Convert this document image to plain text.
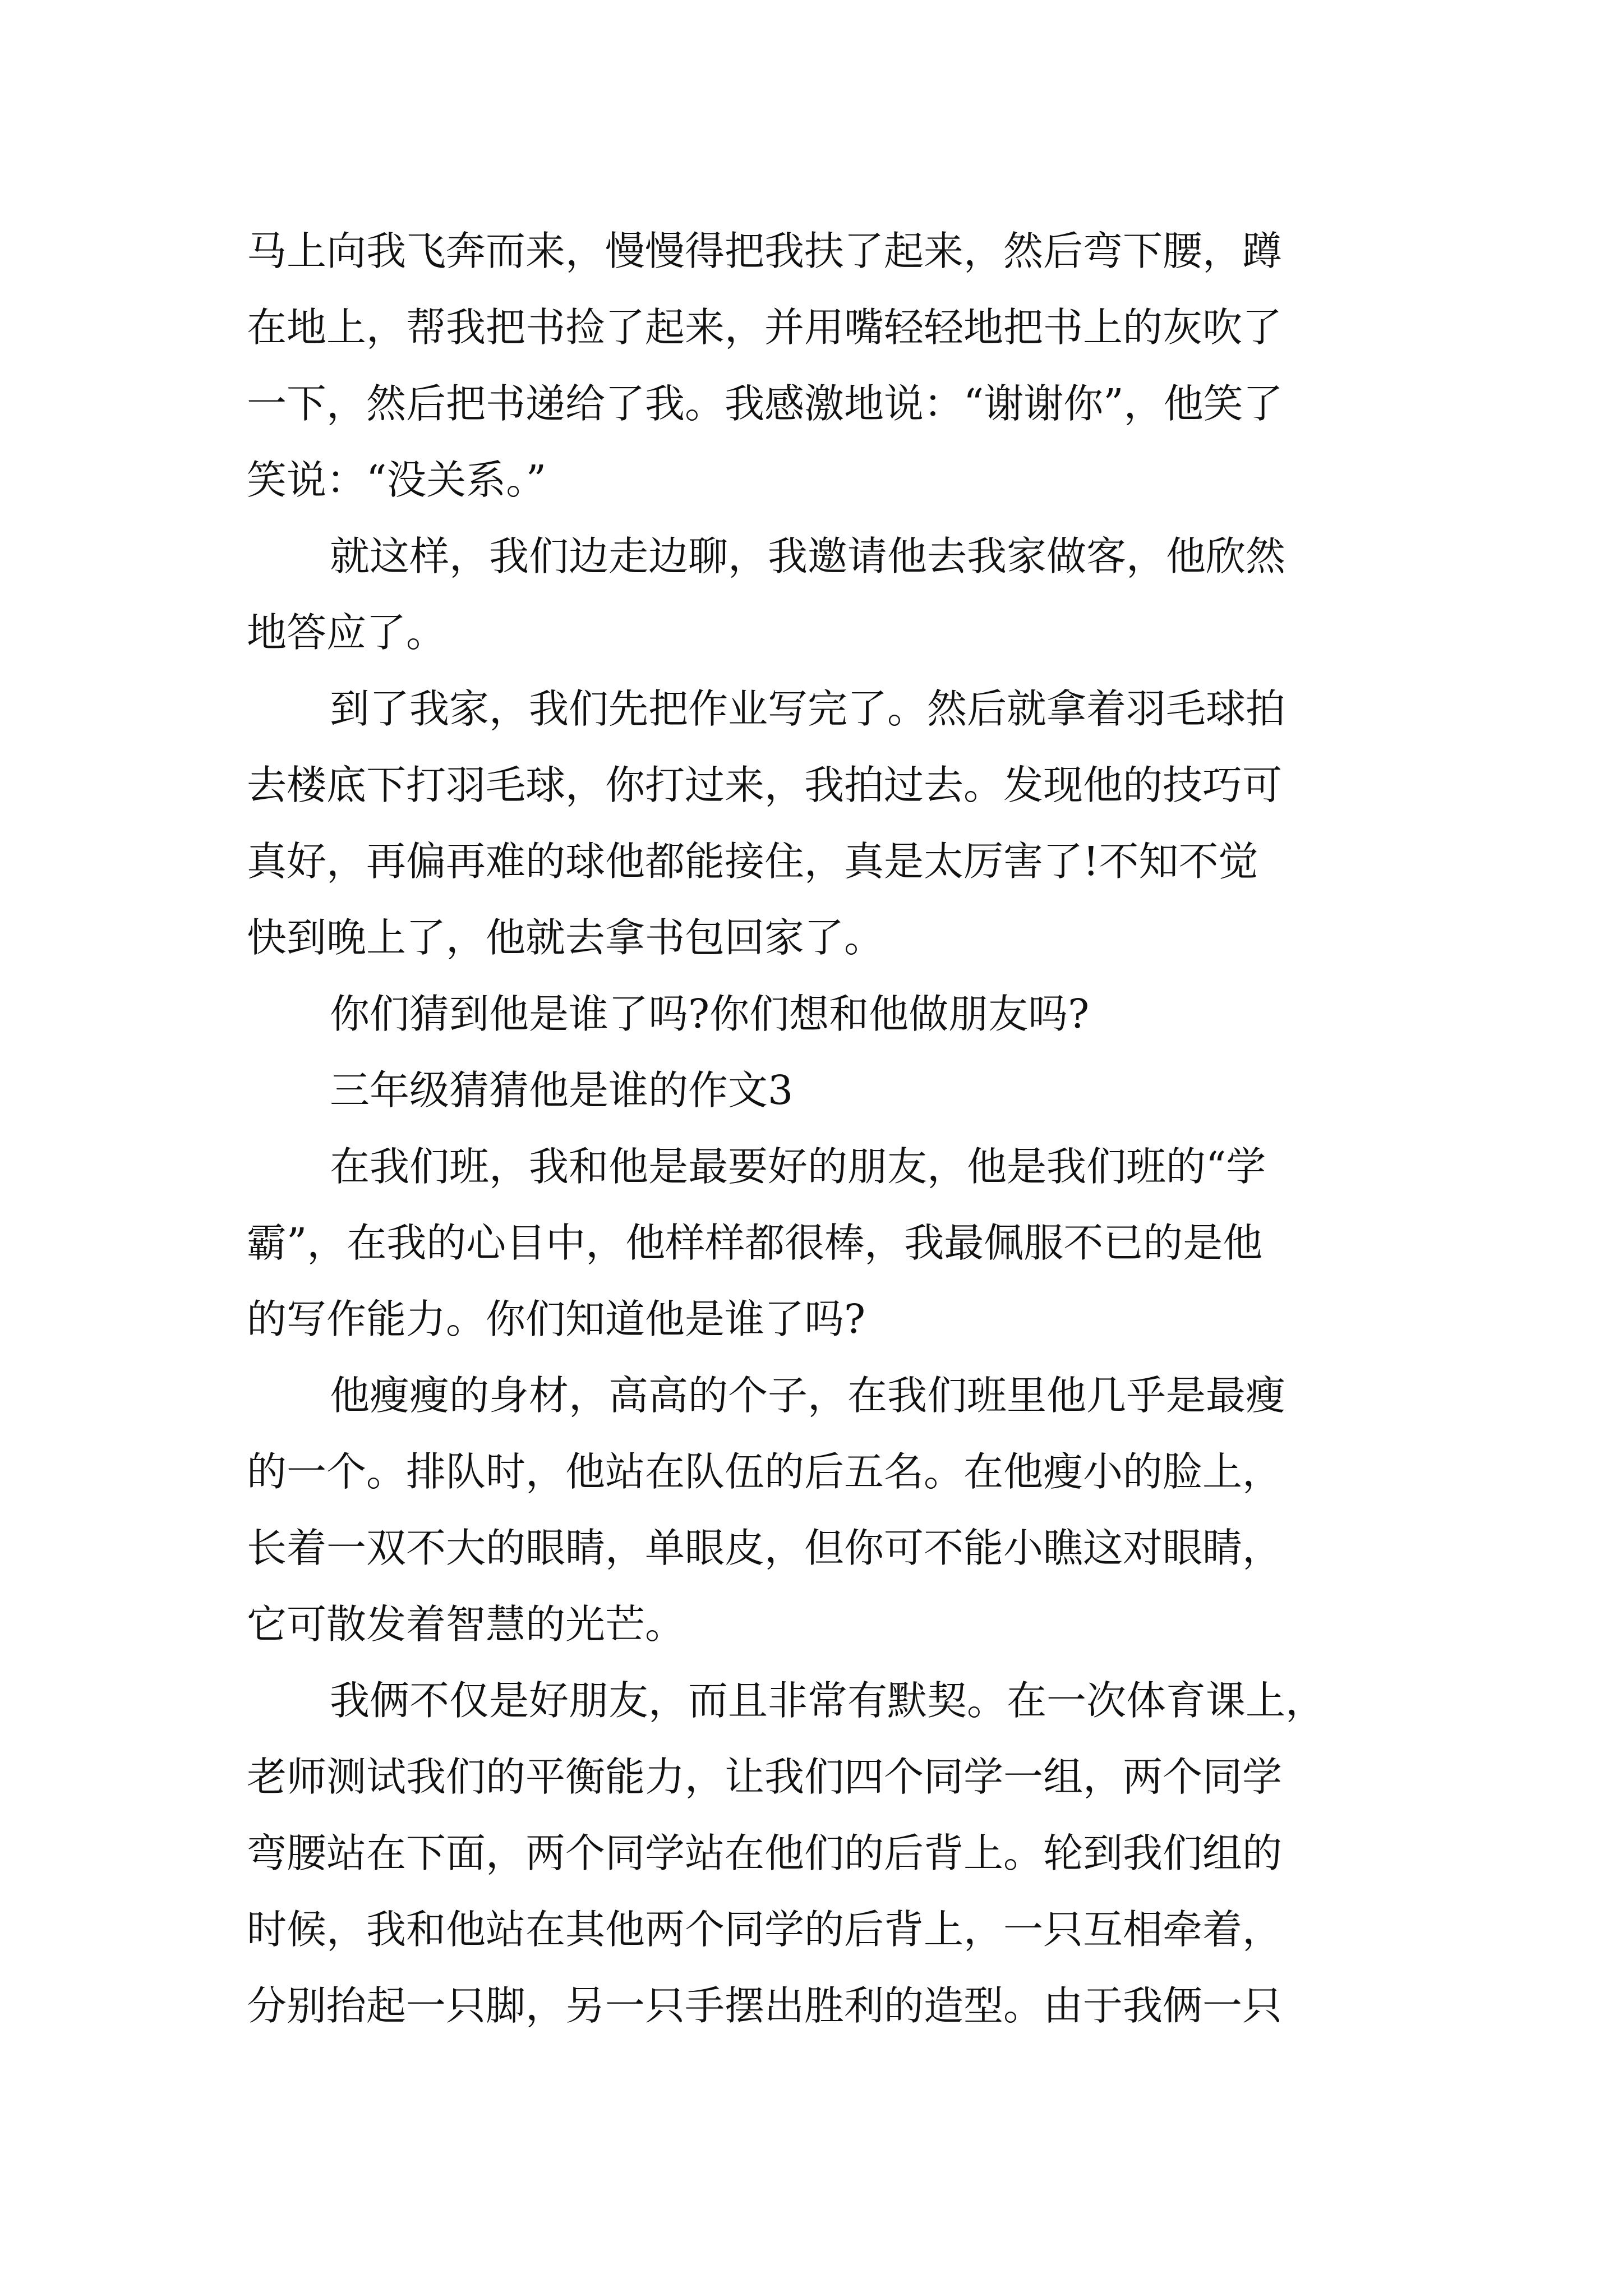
马上向我飞奔而来，慢慢得把我扶了起来，然后弯下腰，蹲
在地上，帮我把书捡了起来，并用嘴轻轻地把书上的灰吹了
一下，然后把书递给了我。我感激地说：“谢谢你”，他笑了
笑说：“没关系。”

就这样，我们边走边聊，我邀请他去我家做客，他欣然
地答应了。

到了我家，我们先把作业写完了。然后就拿着羽毛球拍
去楼底下打羽毛球，你打过来，我拍过去。发现他的技巧可
真好，再偏再难的球他都能接住，真是太厉害了!不知不觉
快到晚上了，他就去拿书包回家了。

你们猜到他是谁了吗?你们想和他做朋友吗?

三年级猜猜他是谁的作文3

在我们班，我和他是最要好的朋友，他是我们班的“学
霸”，在我的心目中，他样样都很棒，我最佩服不已的是他
的写作能力。你们知道他是谁了吗?

他瘦瘦的身材，高高的个子，在我们班里他几乎是最瘦
的一个。排队时，他站在队伍的后五名。在他瘦小的脸上，
长着一双不大的眼睛，单眼皮，但你可不能小瞧这对眼睛，
它可散发着智慧的光芒。

我俩不仅是好朋友，而且非常有默契。在一次体育课上，
老师测试我们的平衡能力，让我们四个同学一组，两个同学
弯腰站在下面，两个同学站在他们的后背上。轮到我们组的
时候，我和他站在其他两个同学的后背上，一只互相牵着，
分别抬起一只脚，另一只手摆出胜利的造型。由于我俩一只
